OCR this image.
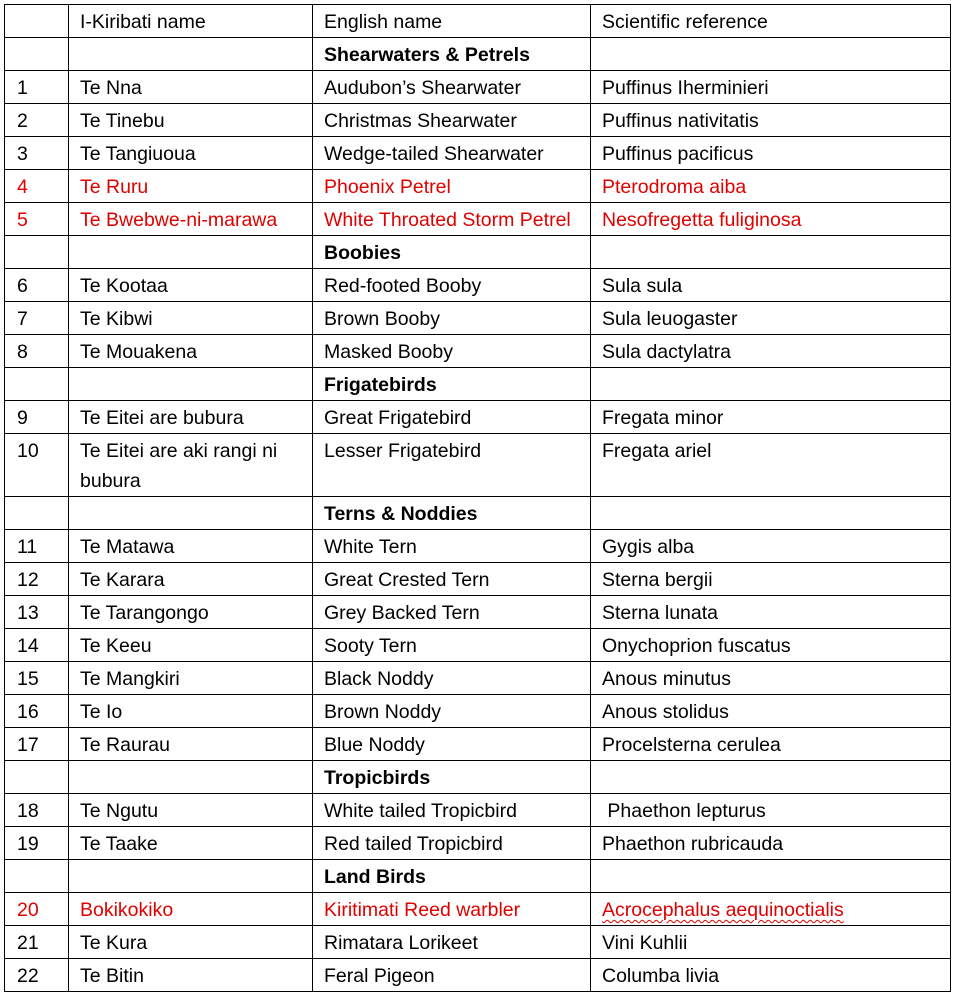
	I-Kiribati name	English name	Scientific reference
		Shearwaters & Petrels	
1	Te Nna	Audubon’s Shearwater	Puffinus Iherminieri
2	Te Tinebu	Christmas Shearwater	Puffinus nativitatis
3	Te Tangiuoua	Wedge-tailed Shearwater	Puffinus pacificus
4	Te Ruru	Phoenix Petrel	Pterodroma aiba
5	Te Bwebwe-ni-marawa	White Throated Storm Petrel	Nesofregetta fuliginosa
		Boobies	
6	Te Kootaa	Red-footed Booby	Sula sula
7	Te Kibwi	Brown Booby	Sula leuogaster
8	Te Mouakena	Masked Booby	Sula dactylatra
		Frigatebirds	
9	Te Eitei are bubura	Great Frigatebird	Fregata minor
10	Te Eitei are aki rangi ni bubura	Lesser Frigatebird	Fregata ariel
		Terns & Noddies	
11	Te Matawa	White Tern	Gygis alba
12	Te Karara	Great Crested Tern	Sterna bergii
13	Te Tarangongo	Grey Backed Tern	Sterna lunata
14	Te Keeu	Sooty Tern	Onychoprion fuscatus
15	Te Mangkiri	Black Noddy	Anous minutus
16	Te Io	Brown Noddy	Anous stolidus
17	Te Raurau	Blue Noddy	Procelsterna cerulea
		Tropicbirds	
18	Te Ngutu	White tailed Tropicbird	Phaethon lepturus
19	Te Taake	Red tailed Tropicbird	Phaethon rubricauda
		Land Birds	
20	Bokikokiko	Kiritimati Reed warbler	Acrocephalus aequinoctialis
21	Te Kura	Rimatara Lorikeet	Vini Kuhlii
22	Te Bitin	Feral Pigeon	Columba livia
